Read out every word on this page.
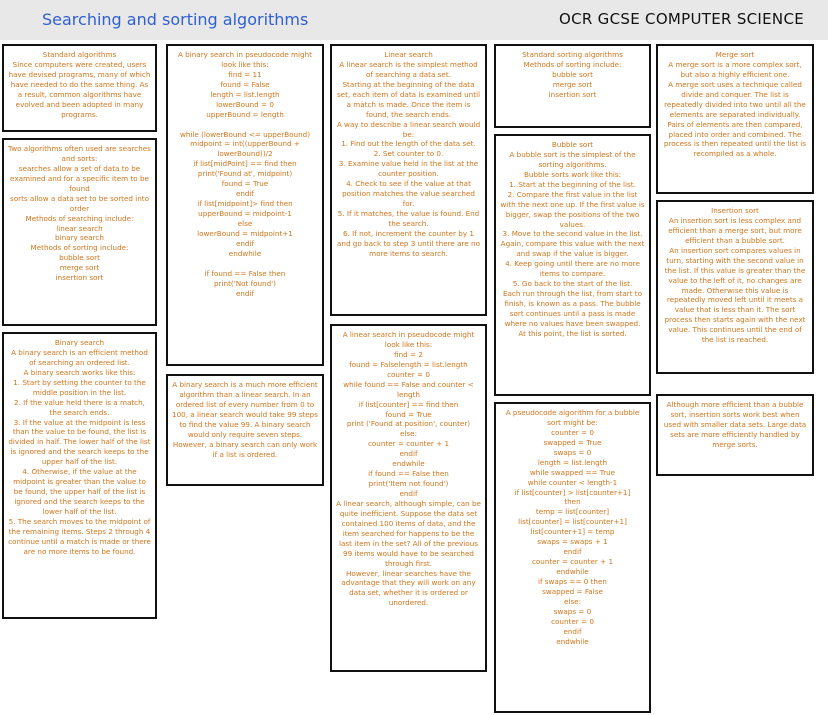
Searching and sorting algorithms	OCR GCSE COMPUTER SCIENCE
Standard algorithms
Since computers were created, users have devised programs, many of which have needed to do the same thing. As a result, common algorithms have evolved and been adopted in many programs.
Two algorithms often used are searches and sorts:
searches allow a set of data to be examined and for a specific item to be found
sorts allow a data set to be sorted into order
Methods of searching include:
linear search
binary search
Methods of sorting include:
bubble sort
merge sort
insertion sort
Binary search
A binary search is an efficient method of searching an ordered list.
A binary search works like this:
1. Start by setting the counter to the middle position in the list.
2. If the value held there is a match, the search ends.
3. If the value at the midpoint is less than the value to be found, the list is divided in half. The lower half of the list is ignored and the search keeps to the upper half of the list.
4. Otherwise, if the value at the midpoint is greater than the value to be found, the upper half of the list is ignored and the search keeps to the lower half of the list.
5. The search moves to the midpoint of the remaining items. Steps 2 through 4 continue until a match is made or there are no more items to be found.
A binary search in pseudocode might look like this:
find = 11
found = False
length = list.length
lowerBound = 0
upperBound = length

while (lowerBound <= upperBound)
midpoint = int((upperBound + lowerBound))/2
if list[midPoint] == find then
print('Found at', midpoint)
found = True
endif
if list[midpoint]> find then
upperBound = midpoint-1
else
lowerBound = midpoint+1
endif
endwhile

if found == False then
print('Not found')
endif
A binary search is a much more efficient algorithm than a linear search. In an ordered list of every number from 0 to 100, a linear search would take 99 steps to find the value 99. A binary search would only require seven steps.
However, a binary search can only work if a list is ordered.
Linear search
A linear search is the simplest method of searching a data set.
Starting at the beginning of the data set, each item of data is examined until a match is made. Once the item is found, the search ends.
A way to describe a linear search would be:
1. Find out the length of the data set.
2. Set counter to 0.
3. Examine value held in the list at the counter position.
4. Check to see if the value at that position matches the value searched for.
5. If it matches, the value is found. End the search.
6. If not, increment the counter by 1 and go back to step 3 until there are no more items to search.
A linear search in pseudocode might look like this:
find = 2
found = Falselength = list.length
counter = 0
while found == False and counter < length
if list[counter] == find then
found = True
print ('Found at position', counter)
else:
counter = counter + 1
endif
endwhile
if found == False then
print('Item not found')
endif
A linear search, although simple, can be quite inefficient. Suppose the data set contained 100 items of data, and the item searched for happens to be the last item in the set? All of the previous 99 items would have to be searched through first.
However, linear searches have the advantage that they will work on any data set, whether it is ordered or unordered.
Standard sorting algorithms
Methods of sorting include:
bubble sort
merge sort
insertion sort
Bubble sort
A bubble sort is the simplest of the sorting algorithms.
Bubble sorts work like this:
1. Start at the beginning of the list.
2. Compare the first value in the list with the next one up. If the first value is bigger, swap the positions of the two values.
3. Move to the second value in the list. Again, compare this value with the next and swap if the value is bigger.
4. Keep going until there are no more items to compare.
5. Go back to the start of the list.
Each run through the list, from start to finish, is known as a pass. The bubble sort continues until a pass is made where no values have been swapped. At this point, the list is sorted.
A pseudocode algorithm for a bubble sort might be:
counter = 0
swapped = True
swaps = 0
length = list.length
while swapped == True
while counter < length-1
if list[counter] > list[counter+1]
then
temp = list[counter]
list[counter] = list[counter+1]
list[counter+1] = temp
swaps = swaps + 1
endif
counter = counter + 1
endwhile
if swaps == 0 then
swapped = False
else:
swaps = 0
counter = 0
endif
endwhile
Merge sort
A merge sort is a more complex sort, but also a highly efficient one.
A merge sort uses a technique called divide and conquer. The list is repeatedly divided into two until all the elements are separated individually. Pairs of elements are then compared, placed into order and combined. The process is then repeated until the list is recompiled as a whole.
Insertion sort
An insertion sort is less complex and efficient than a merge sort, but more efficient than a bubble sort.
An insertion sort compares values in turn, starting with the second value in the list. If this value is greater than the value to the left of it, no changes are made. Otherwise this value is repeatedly moved left until it meets a value that is less than it. The sort process then starts again with the next value. This continues until the end of the list is reached.
Although more efficient than a bubble sort, insertion sorts work best when used with smaller data sets. Large data sets are more efficiently handled by merge sorts.
